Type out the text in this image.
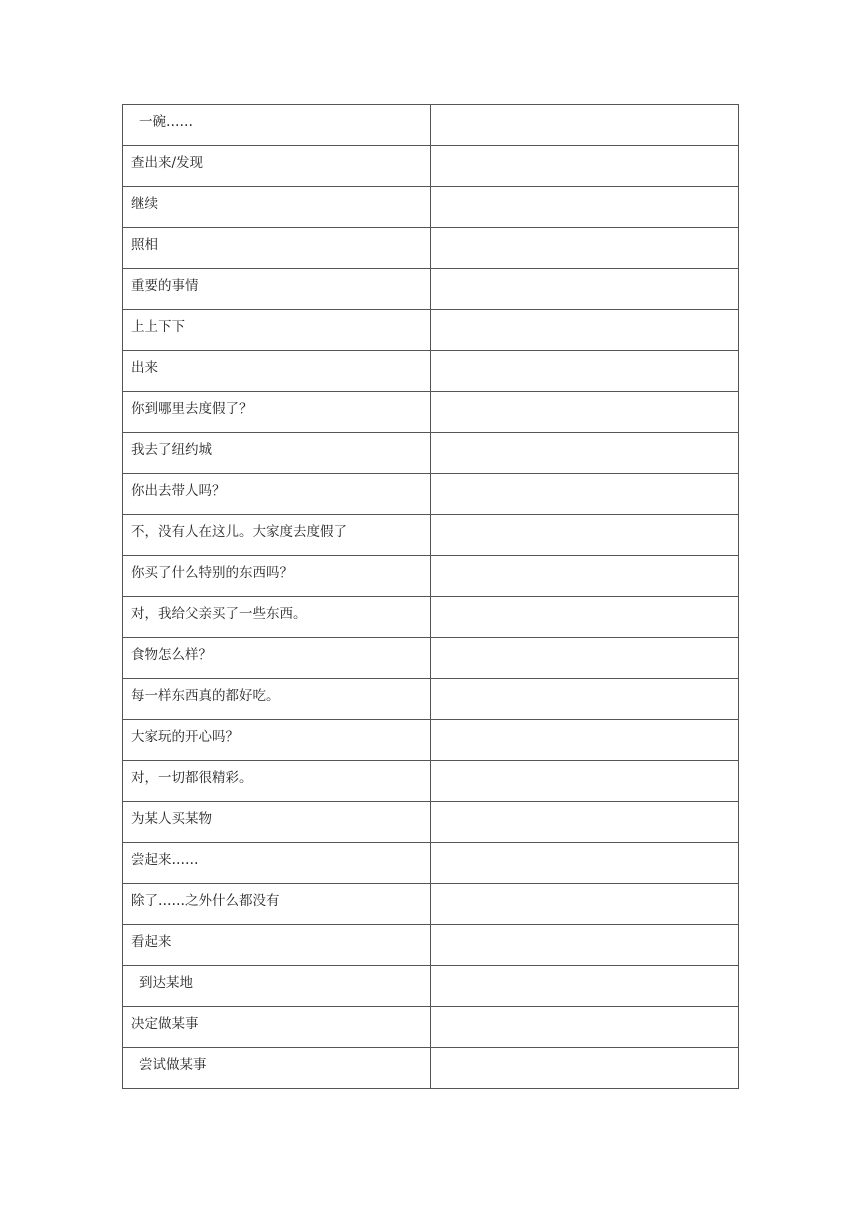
一碗……	

查出来/发现	

继续	

照相	

重要的事情	

上上下下	

出来	

你到哪里去度假了？	

我去了纽约城	

你出去带人吗？	

不，没有人在这儿。大家度去度假了	

你买了什么特别的东西吗？	

对，我给父亲买了一些东西。	

食物怎么样？	

每一样东西真的都好吃。	

大家玩的开心吗？	

对，一切都很精彩。	

为某人买某物	

尝起来……	

除了……之外什么都没有	

看起来	

到达某地	

决定做某事	

尝试做某事	
